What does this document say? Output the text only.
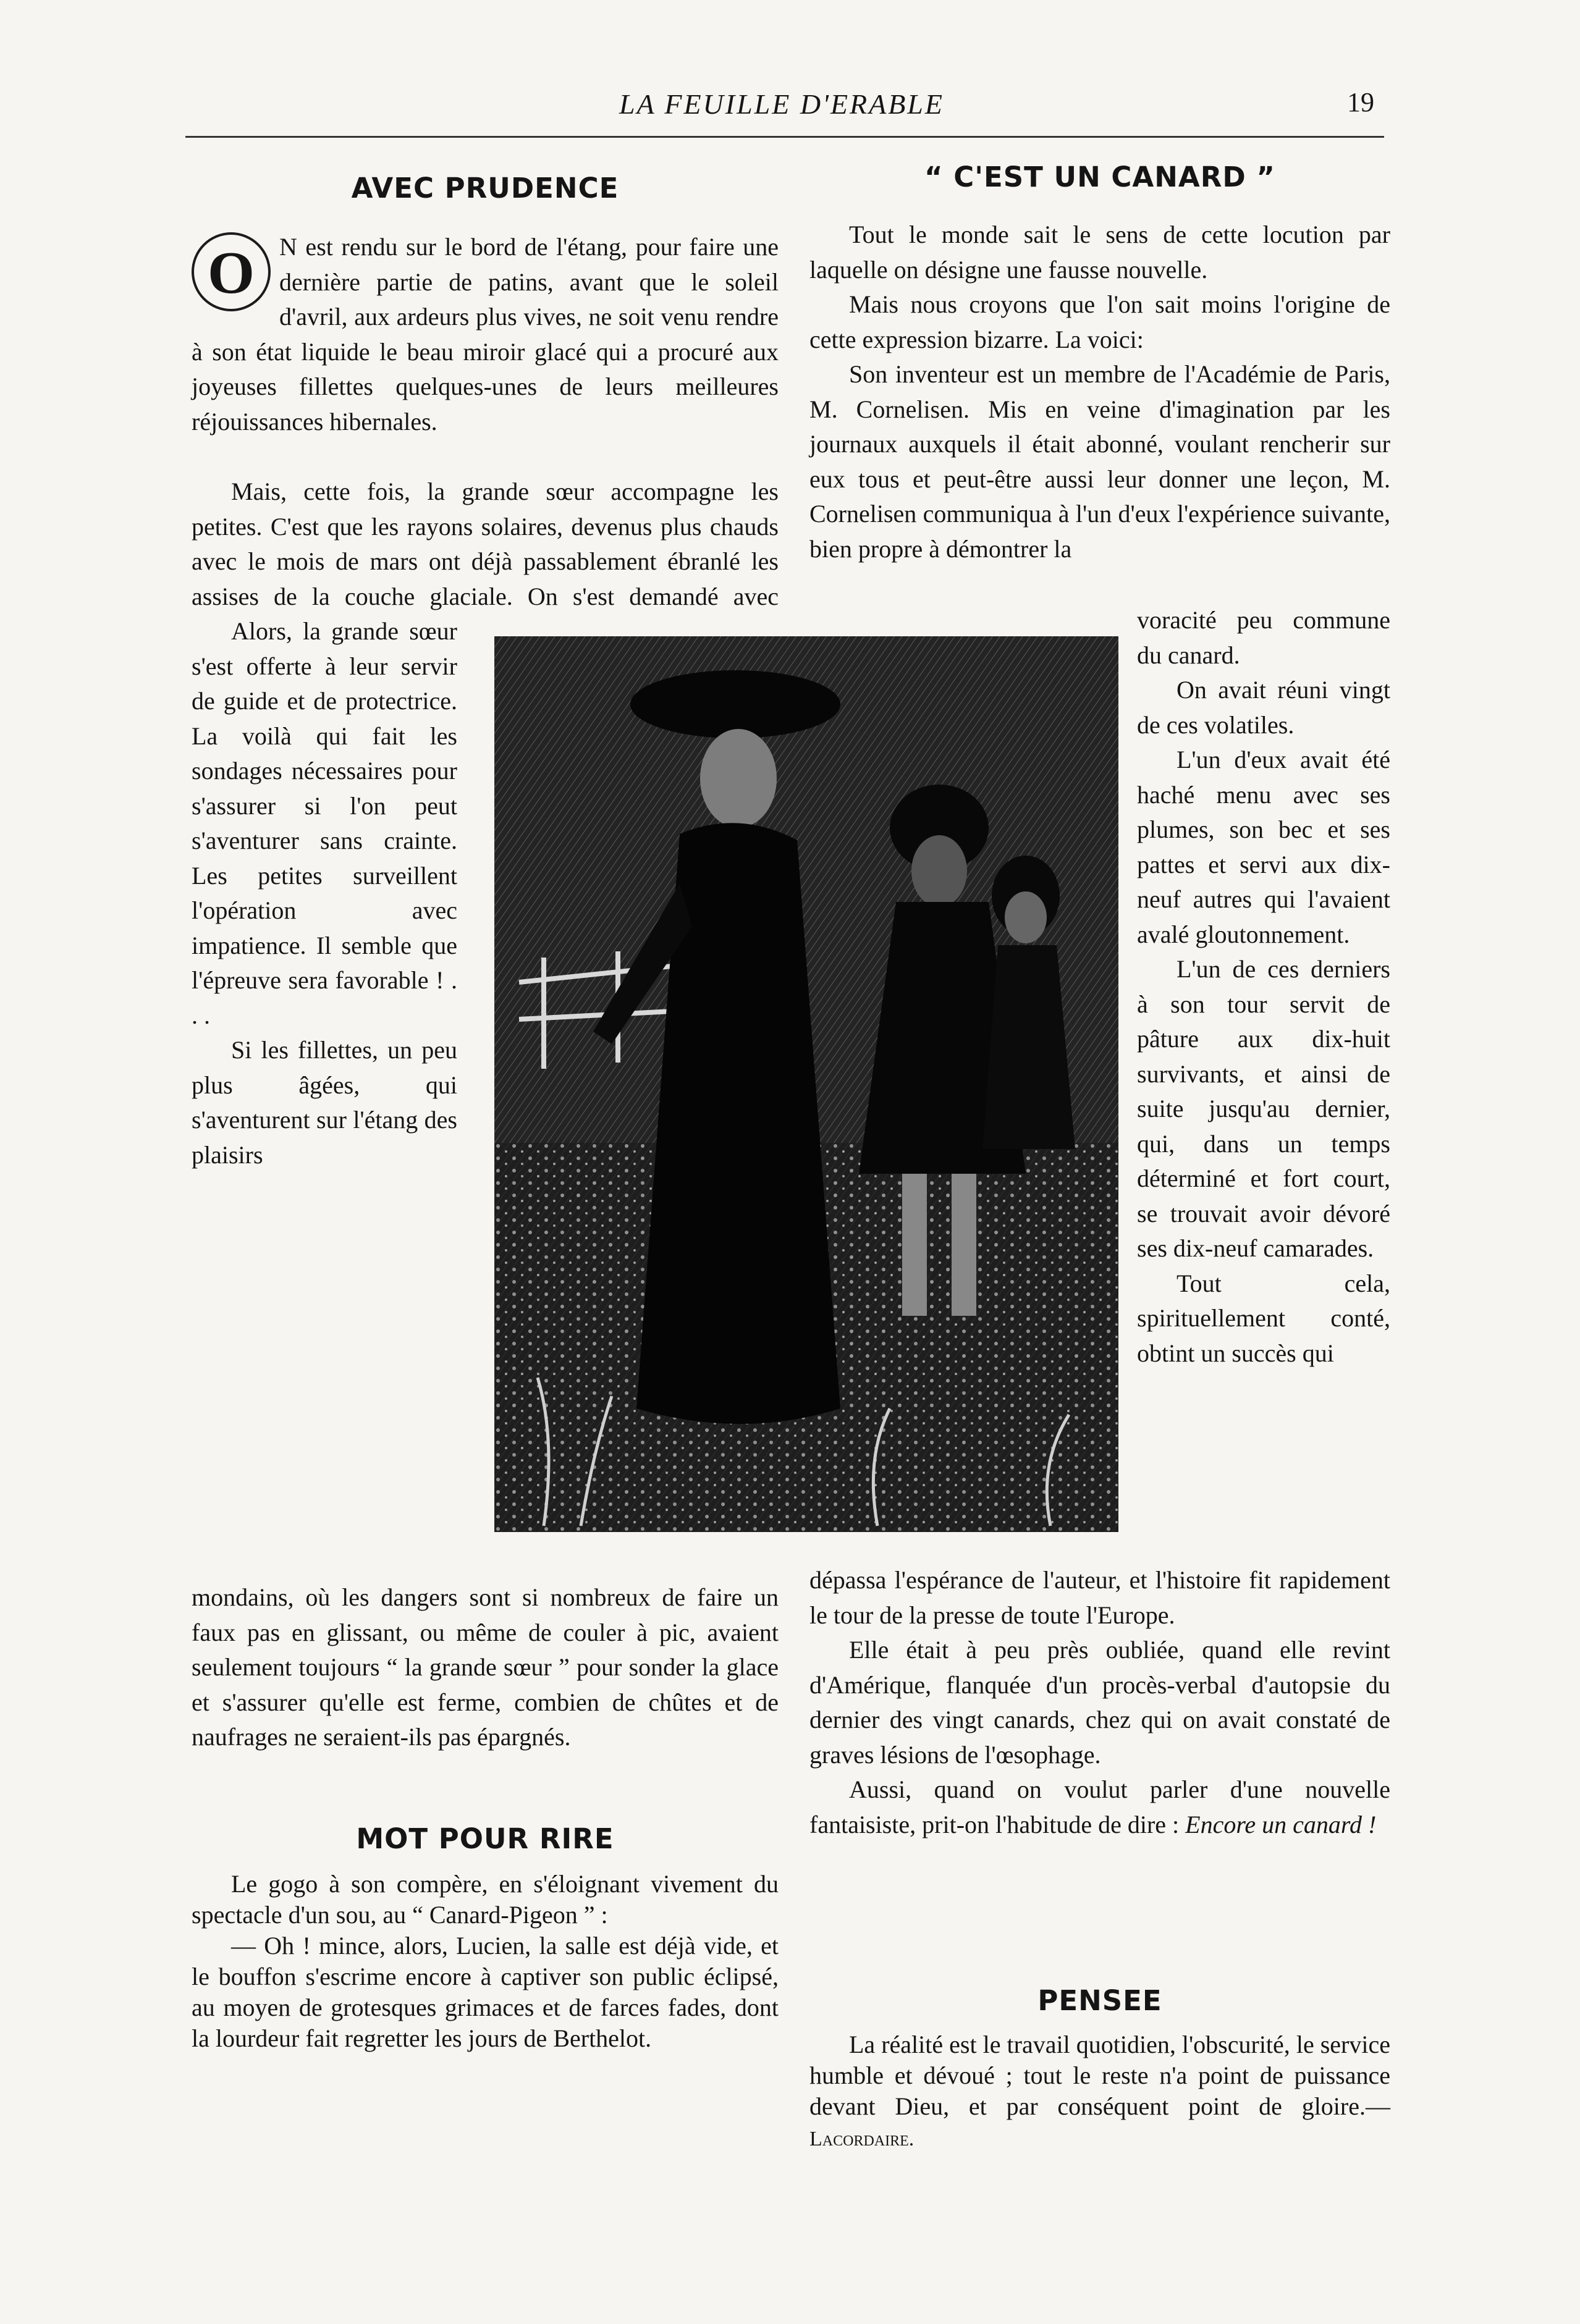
LA FEUILLE D'ERABLE	19
AVEC PRUDENCE

O N est rendu sur le bord de l'étang, pour faire une dernière partie de patins, avant que le soleil d'avril, aux ardeurs plus vives, ne soit venu rendre à son état liquide le beau miroir glacé qui a procuré aux joyeuses fillettes quelques-unes de leurs meilleures réjouissances hibernales.

Mais, cette fois, la grande sœur accompagne les petites. C'est que les rayons solaires, devenus plus chauds avec le mois de mars ont déjà passablement ébranlé les assises de la couche glaciale. On s'est demandé avec

Alors, la grande sœur s'est offerte à leur servir de guide et de protectrice. La voilà qui fait les sondages nécessaires pour s'assurer si l'on peut s'aventurer sans crainte. Les petites surveillent l'opération avec impatience. Il semble que l'épreuve sera favorable ! . . .

Si les fillettes, un peu plus âgées, qui s'aventurent sur l'étang des plaisirs

mondains, où les dangers sont si nombreux de faire un faux pas en glissant, ou même de couler à pic, avaient seulement toujours “ la grande sœur ” pour sonder la glace et s'assurer qu'elle est ferme, combien de chûtes et de naufrages ne seraient-ils pas épargnés.

MOT POUR RIRE

Le gogo à son compère, en s'éloignant vivement du spectacle d'un sou, au “ Canard-Pigeon ” :

— Oh ! mince, alors, Lucien, la salle est déjà vide, et le bouffon s'escrime encore à captiver son public éclipsé, au moyen de grotesques grimaces et de farces fades, dont la lourdeur fait regretter les jours de Berthelot.

“ C'EST UN CANARD ”

Tout le monde sait le sens de cette locution par laquelle on désigne une fausse nouvelle.

Mais nous croyons que l'on sait moins l'origine de cette expression bizarre. La voici:

Son inventeur est un membre de l'Académie de Paris, M. Cornelisen. Mis en veine d'imagination par les journaux auxquels il était abonné, voulant rencherir sur eux tous et peut-être aussi leur donner une leçon, M. Cornelisen communiqua à l'un d'eux l'expérience suivante, bien propre à démontrer la

voracité peu commune du canard.

On avait réuni vingt de ces volatiles.

L'un d'eux avait été haché menu avec ses plumes, son bec et ses pattes et servi aux dix-neuf autres qui l'avaient avalé gloutonnement.

L'un de ces derniers à son tour servit de pâture aux dix-huit survivants, et ainsi de suite jusqu'au dernier, qui, dans un temps déterminé et fort court, se trouvait avoir dévoré ses dix-neuf camarades.

Tout cela, spirituellement conté, obtint un succès qui

dépassa l'espérance de l'auteur, et l'histoire fit rapidement le tour de la presse de toute l'Europe.

Elle était à peu près oubliée, quand elle revint d'Amérique, flanquée d'un procès-verbal d'autopsie du dernier des vingt canards, chez qui on avait constaté de graves lésions de l'œsophage.

Aussi, quand on voulut parler d'une nouvelle fantaisiste, prit-on l'habitude de dire : Encore un canard !

PENSEE

La réalité est le travail quotidien, l'obscurité, le service humble et dévoué ; tout le reste n'a point de puissance devant Dieu, et par conséquent point de gloire.—Lacordaire.
